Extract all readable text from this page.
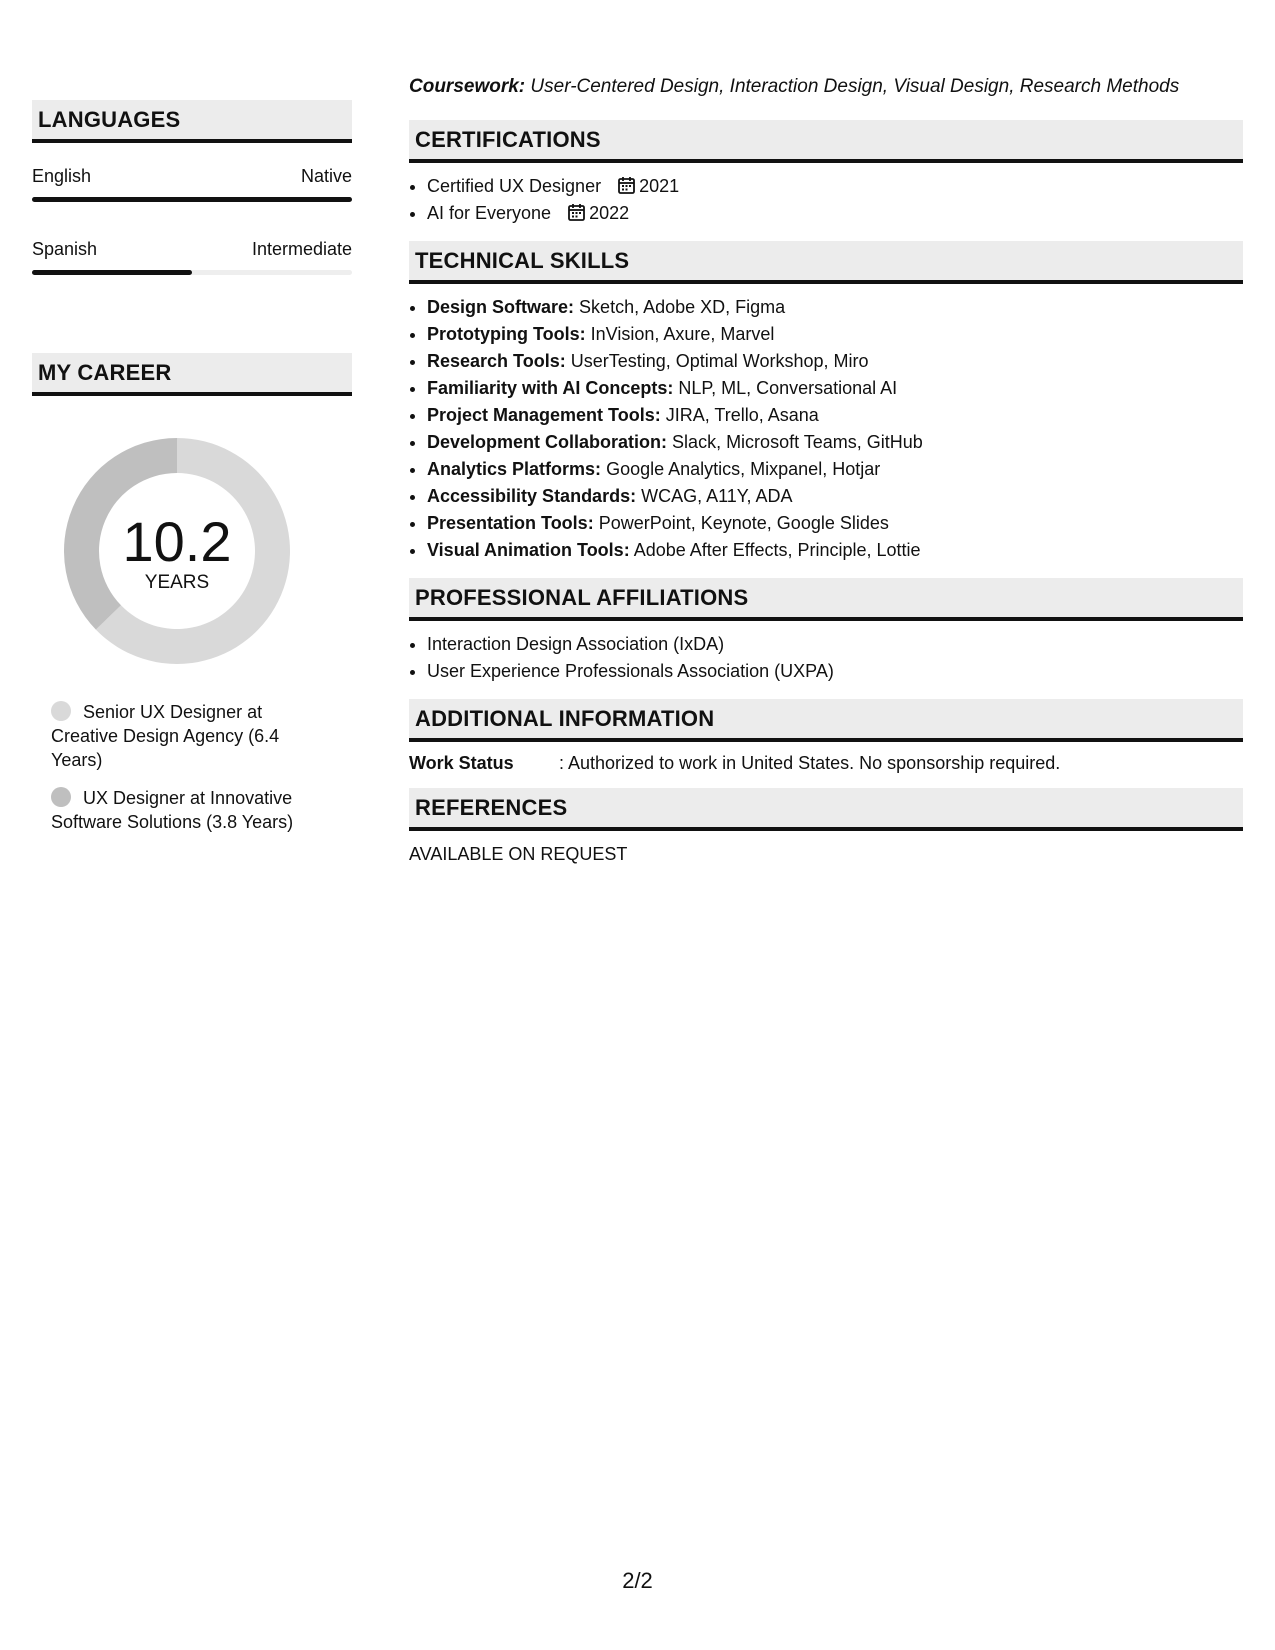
LANGUAGES
English	Native
Spanish	Intermediate
MY CAREER
10.2
YEARS
Senior UX Designer at Creative Design Agency (6.4 Years)
UX Designer at Innovative Software Solutions (3.8 Years)
Coursework: User-Centered Design, Interaction Design, Visual Design, Research Methods
CERTIFICATIONS
• Certified UX Designer 2021
• AI for Everyone 2022
TECHNICAL SKILLS
• Design Software: Sketch, Adobe XD, Figma
• Prototyping Tools: InVision, Axure, Marvel
• Research Tools: UserTesting, Optimal Workshop, Miro
• Familiarity with AI Concepts: NLP, ML, Conversational AI
• Project Management Tools: JIRA, Trello, Asana
• Development Collaboration: Slack, Microsoft Teams, GitHub
• Analytics Platforms: Google Analytics, Mixpanel, Hotjar
• Accessibility Standards: WCAG, A11Y, ADA
• Presentation Tools: PowerPoint, Keynote, Google Slides
• Visual Animation Tools: Adobe After Effects, Principle, Lottie
PROFESSIONAL AFFILIATIONS
• Interaction Design Association (IxDA)
• User Experience Professionals Association (UXPA)
ADDITIONAL INFORMATION
Work Status	: Authorized to work in United States. No sponsorship required.
REFERENCES
AVAILABLE ON REQUEST
2/2
